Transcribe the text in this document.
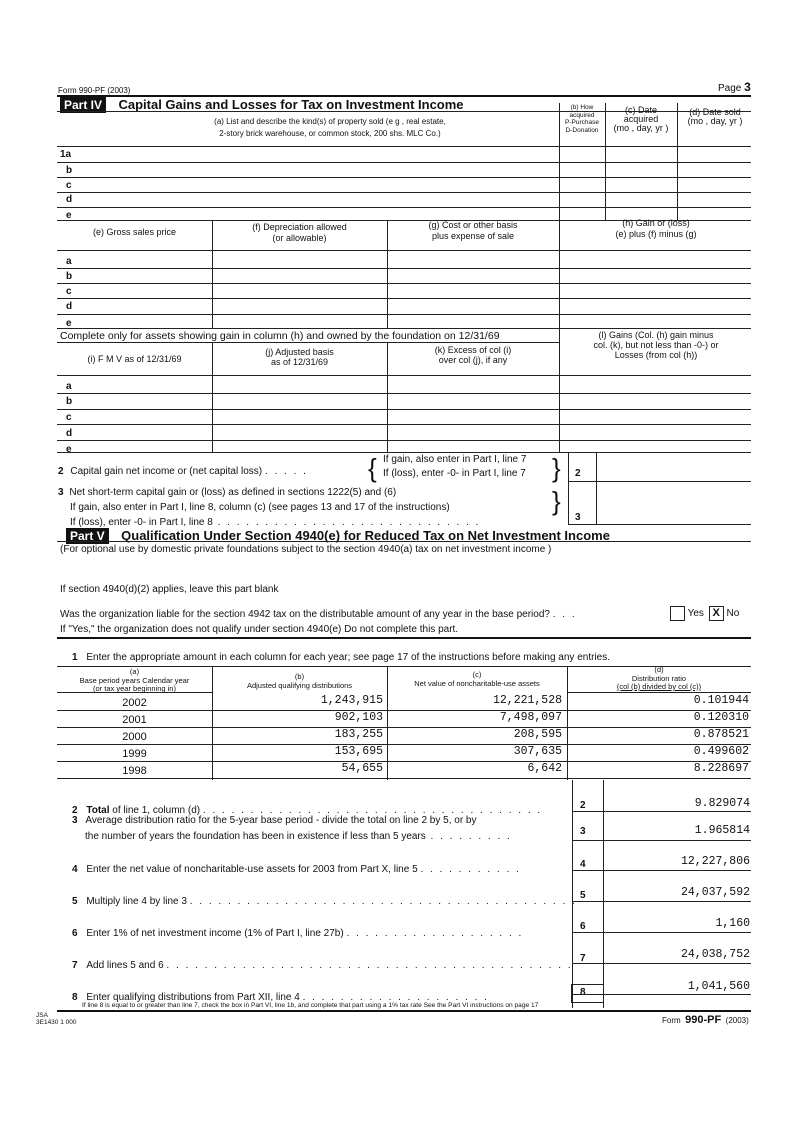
Form 990-PF (2003)	Page 3
Part IV Capital Gains and Losses for Tax on Investment Income
(a) List and describe the kind(s) of property sold (e g , real estate,
2-story brick warehouse, or common stock, 200 shs. MLC Co.)
(b) How
acquired
P-Purchase
D-Donation
(c) Date
acquired
(mo , day, yr )
(d) Date sold
(mo , day, yr )
1a
b
c
d
e
(e) Gross sales price	(f) Depreciation allowed
(or allowable)
(g) Cost or other basis
plus expense of sale
(h) Gain or (loss)
(e) plus (f) minus (g)
a
b
c
d
e
Complete only for assets showing gain in column (h) and owned by the foundation on 12/31/69	(l) Gains (Col. (h) gain minus
col. (k), but not less than -0-) or
Losses (from col (h))
(i) F M V as of 12/31/69
(j) Adjusted basis
as of 12/31/69
(k) Excess of col (i)
over col (j), if any
a
b
c
d
e
2 Capital gain net income or (net capital loss) . . . . . { If gain, also enter in Part I, line 7
If (loss), enter -0- in Part I, line 7 } 2
3 Net short-term capital gain or (loss) as defined in sections 1222(5) and (6)
If gain, also enter in Part I, line 8, column (c) (see pages 13 and 17 of the instructions)
If (loss), enter -0- in Part I, line 8 . . . . . . . . . . . . . . . . . . . . . . . . . . . .
}
3
Part V Qualification Under Section 4940(e) for Reduced Tax on Net Investment Income
(For optional use by domestic private foundations subject to the section 4940(a) tax on net investment income )
If section 4940(d)(2) applies, leave this part blank
Was the organization liable for the section 4942 tax on the distributable amount of any year in the base period? . . .	Yes X No
If "Yes," the organization does not qualify under section 4940(e) Do not complete this part.
1 Enter the appropriate amount in each column for each year; see page 17 of the instructions before making any entries.
(a)
Base period years Calendar year
(or tax year beginning in)
(b)
Adjusted qualifying distributions
(c)
Net value of noncharitable-use assets
(d)
Distribution ratio
(col (b) divided by col (c))
2002	1,243,915	12,221,528	0.101944
2001	902,103	7,498,097	0.120310
2000	183,255	208,595	0.878521
1999	153,695	307,635	0.499602
1998	54,655	6,642	8.228697
2 Total of line 1, column (d) . . . . . . . . . . . . . . . . . . . . . . . . . . . . . . . . . . . .	2	9.829074
3 Average distribution ratio for the 5-year base period - divide the total on line 2 by 5, or by
the number of years the foundation has been in existence if less than 5 years . . . . . . . . .	3	1.965814
4 Enter the net value of noncharitable-use assets for 2003 from Part X, line 5 . . . . . . . . . . .	4	12,227,806
5 Multiply line 4 by line 3 . . . . . . . . . . . . . . . . . . . . . . . . . . . . . . . . . . . . . . . . .
5	24,037,592
6 Enter 1% of net investment income (1% of Part I, line 27b) . . . . . . . . . . . . . . . . . . .
6	1,160
7 Add lines 5 and 6 . . . . . . . . . . . . . . . . . . . . . . . . . . . . . . . . . . . . . . . . . . .
7	24,038,752
8 Enter qualifying distributions from Part XII, line 4 . . . . . . . . . . . . . . . . . . . .	8	1,041,560
If line 8 is equal to or greater than line 7, check the box in Part VI, line 1b, and complete that part using a 1% tax rate See the Part VI instructions on page 17
JSA
3E1430 1 000	Form 990-PF (2003)
